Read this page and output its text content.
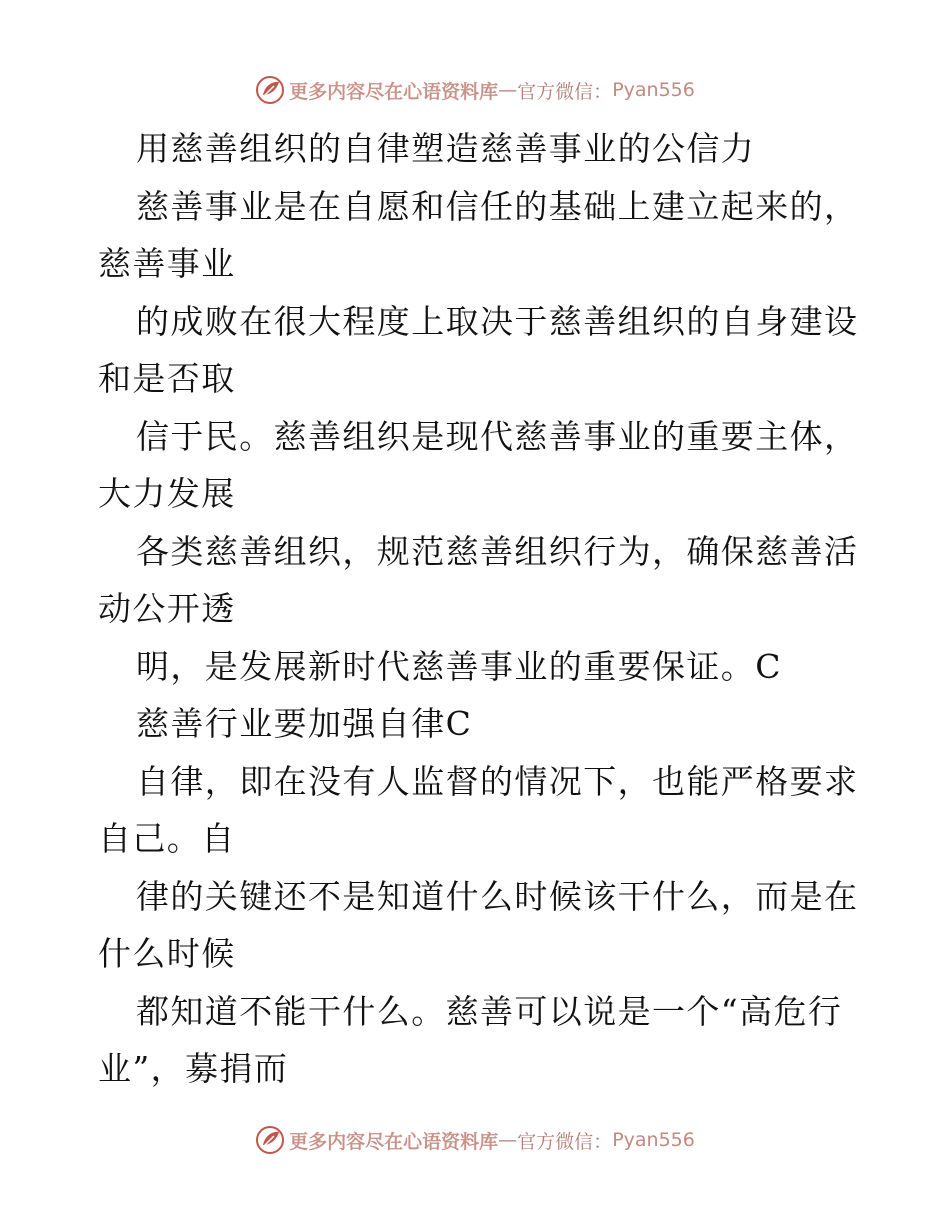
更多内容尽在心语资料库 — 官方微信： Pyan556
用慈善组织的自律塑造慈善事业的公信力
慈善事业是在自愿和信任的基础上建立起来的，
慈善事业
的成败在很大程度上取决于慈善组织的自身建设
和是否取
信于民。慈善组织是现代慈善事业的重要主体，
大力发展
各类慈善组织，规范慈善组织行为，确保慈善活
动公开透
明，是发展新时代慈善事业的重要保证。C
慈善行业要加强自律C
自律，即在没有人监督的情况下，也能严格要求
自己。自
律的关键还不是知道什么时候该干什么，而是在
什么时候
都知道不能干什么。慈善可以说是一个“高危行
业”，募捐而
更多内容尽在心语资料库 — 官方微信： Pyan556
